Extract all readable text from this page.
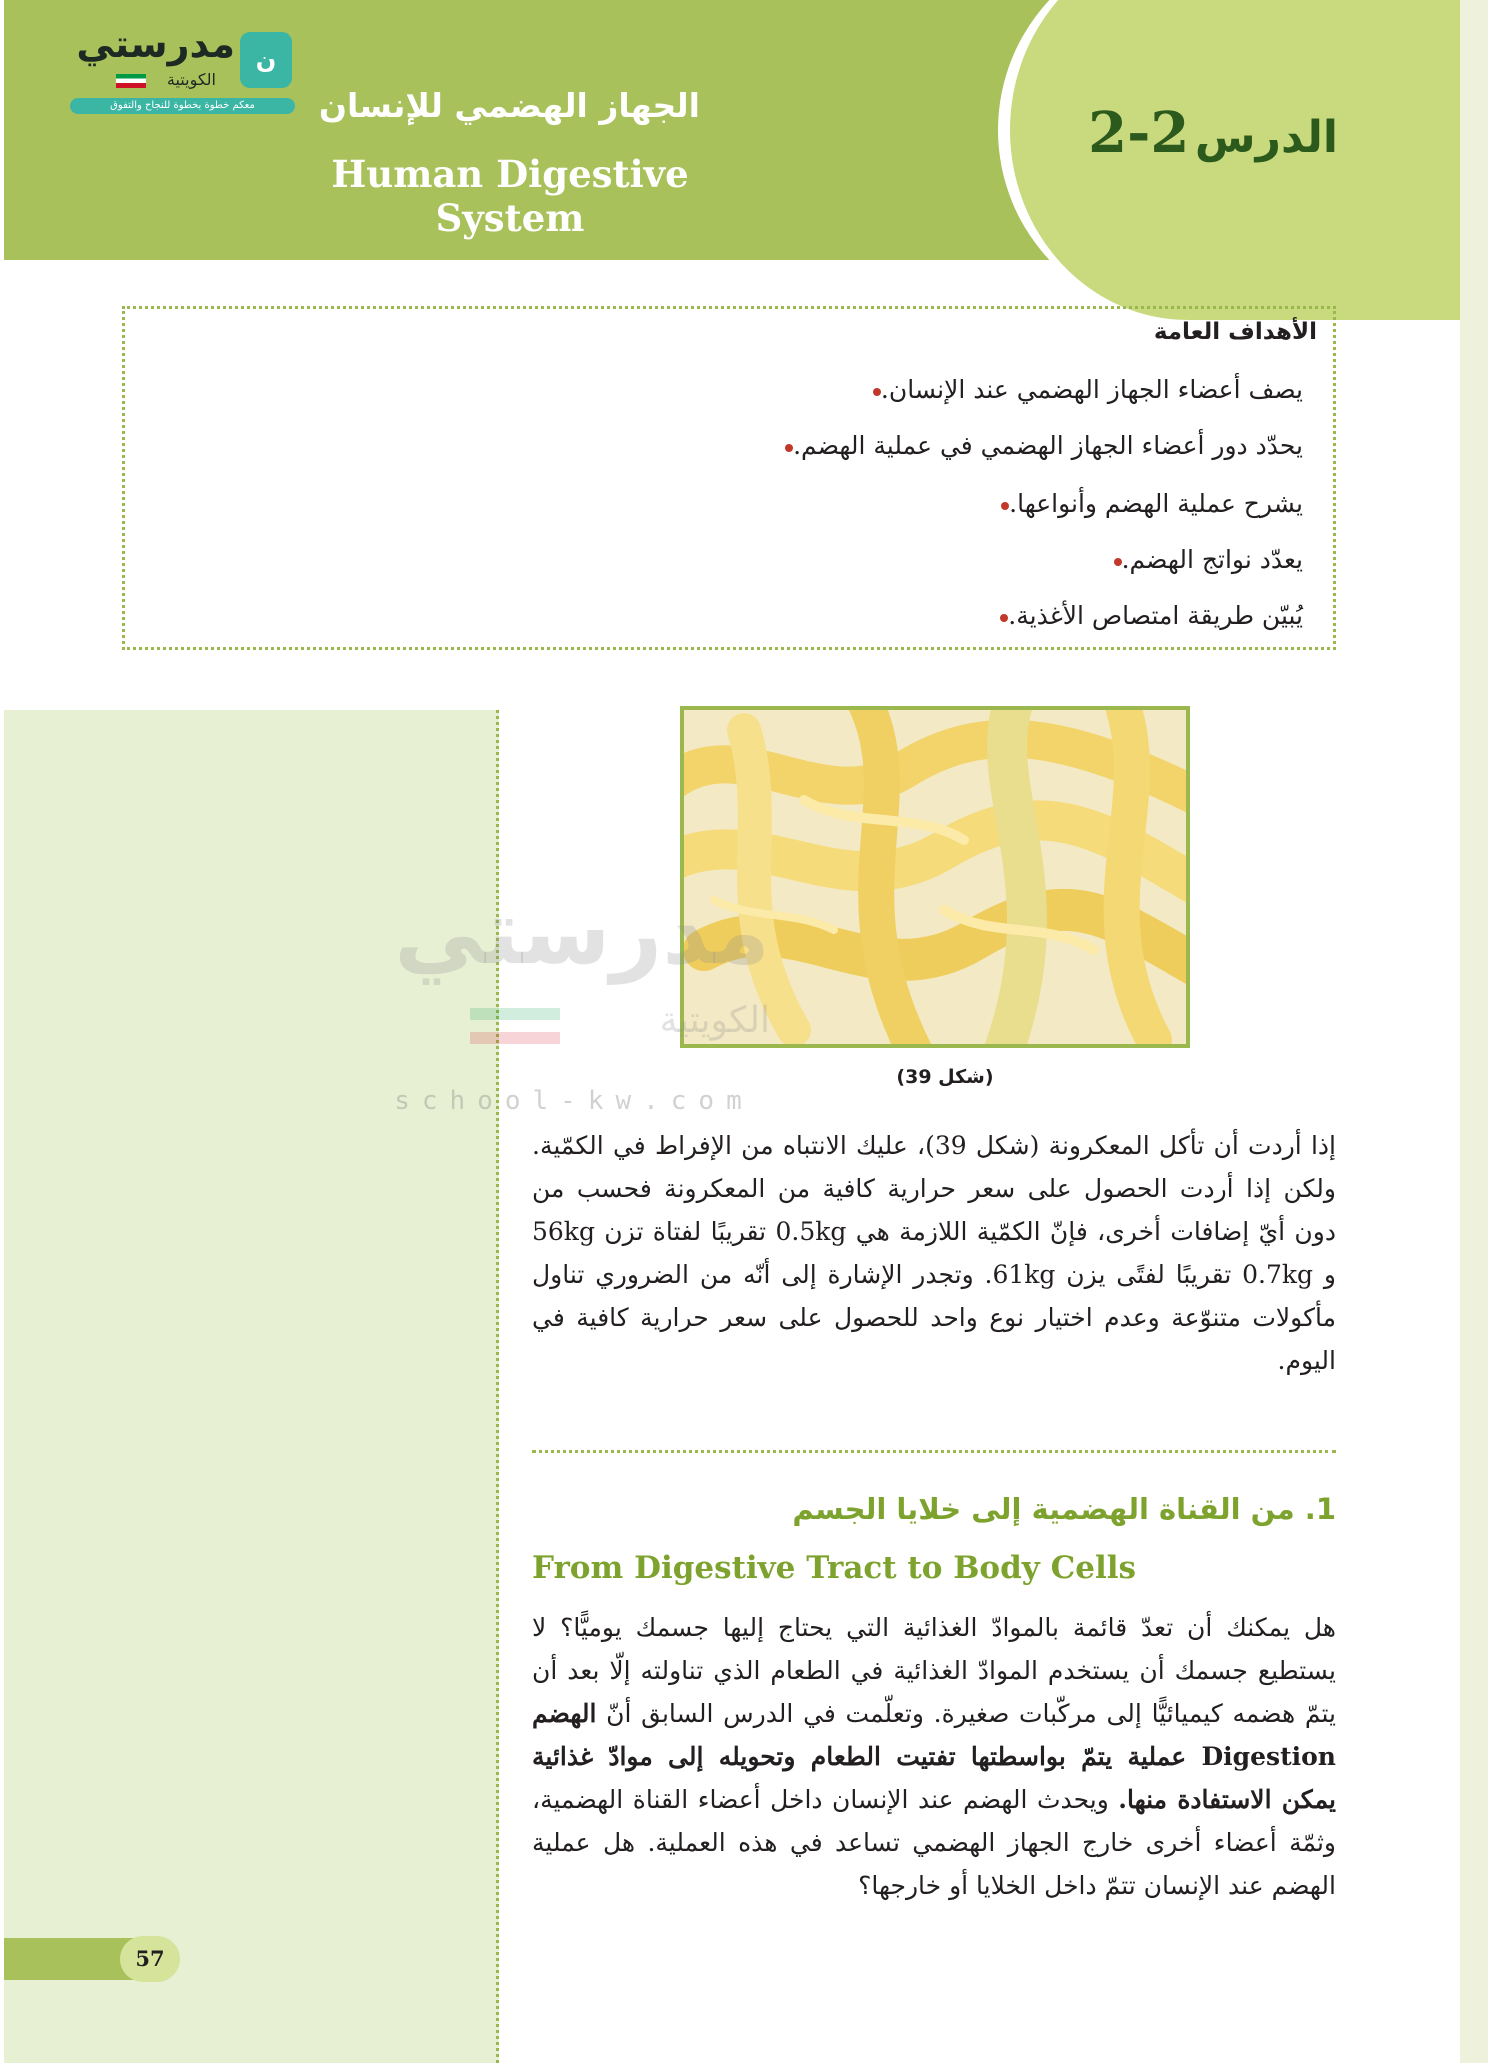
2-2 الدرس
الجهاز الهضمي للإنسان
Human Digestive System
ن
مدرستي
الكويتية
معكم خطوة بخطوة للنجاح والتفوق
الأهداف العامة
يصف أعضاء الجهاز الهضمي عند الإنسان.
يحدّد دور أعضاء الجهاز الهضمي في عملية الهضم.
يشرح عملية الهضم وأنواعها.
يعدّد نواتج الهضم.
يُبيّن طريقة امتصاص الأغذية.
57
(شكل 39)
مدرستي
الكويتية
school-kw.com
إذا أردت أن تأكل المعكرونة (شكل 39)، عليك الانتباه من الإفراط في الكمّية. ولكن إذا أردت الحصول على سعر حرارية كافية من المعكرونة فحسب من دون أيّ إضافات أخرى، فإنّ الكمّية اللازمة هي 0.5kg تقريبًا لفتاة تزن 56kg و 0.7kg تقريبًا لفتًى يزن 61kg. وتجدر الإشارة إلى أنّه من الضروري تناول مأكولات متنوّعة وعدم اختيار نوع واحد للحصول على سعر حرارية كافية في اليوم.
1. من القناة الهضمية إلى خلايا الجسم
From Digestive Tract to Body Cells
هل يمكنك أن تعدّ قائمة بالموادّ الغذائية التي يحتاج إليها جسمك يوميًّا؟ لا يستطيع جسمك أن يستخدم الموادّ الغذائية في الطعام الذي تناولته إلّا بعد أن يتمّ هضمه كيميائيًّا إلى مركّبات صغيرة. وتعلّمت في الدرس السابق أنّ الهضم Digestion عملية يتمّ بواسطتها تفتيت الطعام وتحويله إلى موادّ غذائية يمكن الاستفادة منها. ويحدث الهضم عند الإنسان داخل أعضاء القناة الهضمية، وثمّة أعضاء أخرى خارج الجهاز الهضمي تساعد في هذه العملية. هل عملية الهضم عند الإنسان تتمّ داخل الخلايا أو خارجها؟
